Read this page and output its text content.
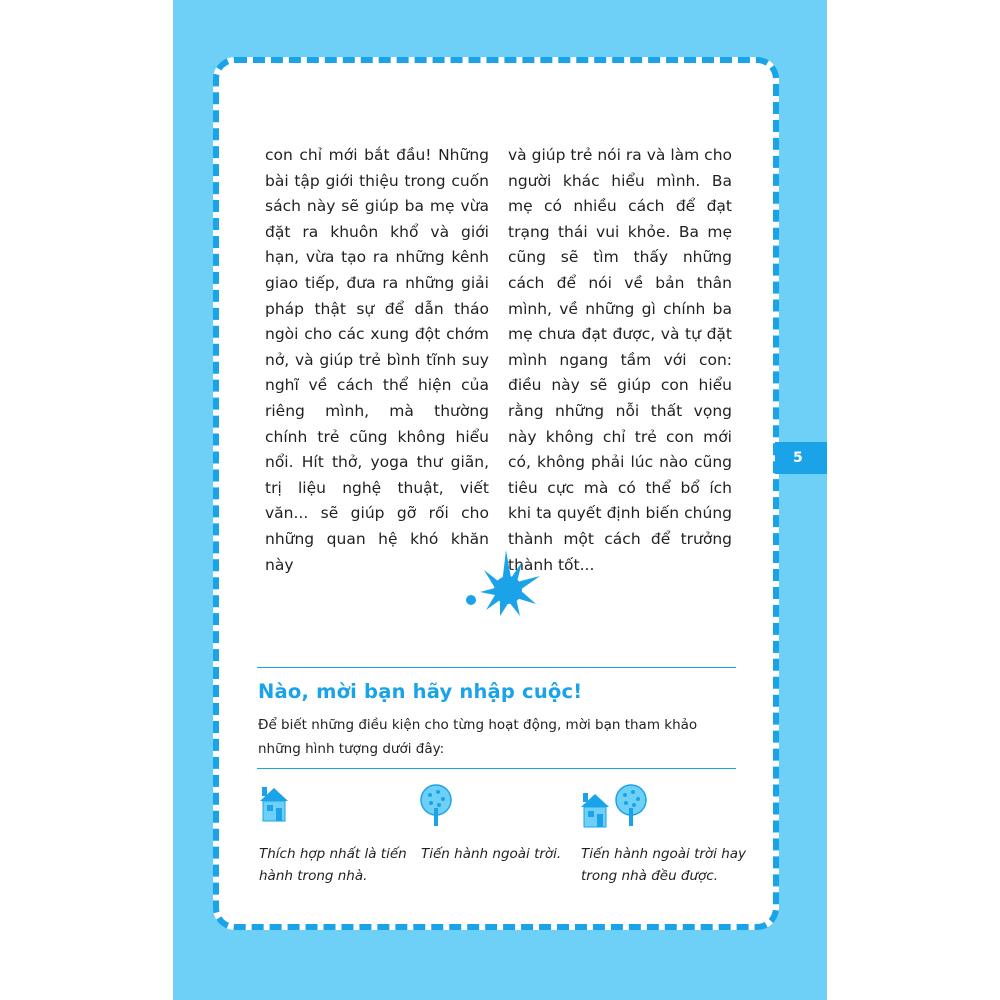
con chỉ mới bắt đầu! Những bài tập giới thiệu trong cuốn sách này sẽ giúp ba mẹ vừa đặt ra khuôn khổ và giới hạn, vừa tạo ra những kênh giao tiếp, đưa ra những giải pháp thật sự để dẫn tháo ngòi cho các xung đột chớm nở, và giúp trẻ bình tĩnh suy nghĩ về cách thể hiện của riêng mình, mà thường chính trẻ cũng không hiểu nổi. Hít thở, yoga thư giãn, trị liệu nghệ thuật, viết văn... sẽ giúp gỡ rối cho những quan hệ khó khăn này

và giúp trẻ nói ra và làm cho người khác hiểu mình. Ba mẹ có nhiều cách để đạt trạng thái vui khỏe. Ba mẹ cũng sẽ tìm thấy những cách để nói về bản thân mình, về những gì chính ba mẹ chưa đạt được, và tự đặt mình ngang tầm với con: điều này sẽ giúp con hiểu rằng những nỗi thất vọng này không chỉ trẻ con mới có, không phải lúc nào cũng tiêu cực mà có thể bổ ích khi ta quyết định biến chúng thành một cách để trưởng thành tốt...

5
Nào, mời bạn hãy nhập cuộc!

Để biết những điều kiện cho từng hoạt động, mời bạn tham khảo những hình tượng dưới đây:

Thích hợp nhất là tiến hành trong nhà.

Tiến hành ngoài trời.	Tiến hành ngoài trời hay trong nhà đều được.
